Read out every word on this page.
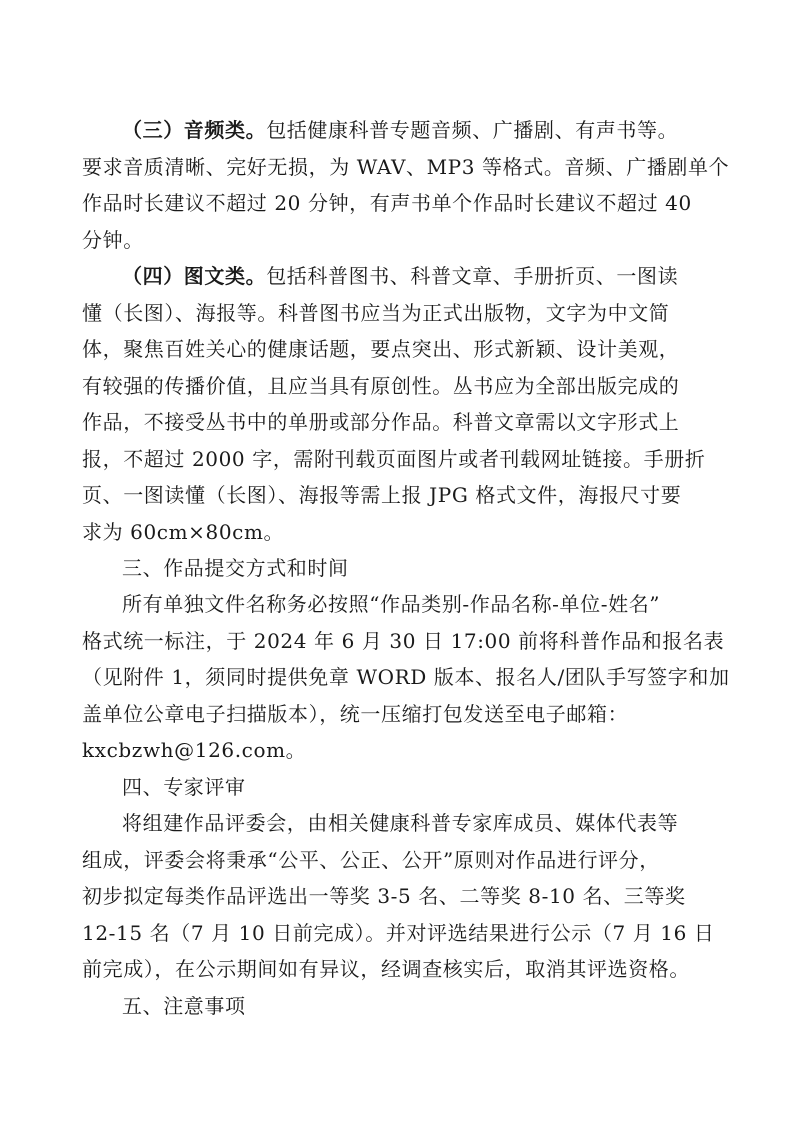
（三）音频类。包括健康科普专题音频、广播剧、有声书等。
要求音质清晰、完好无损，为 WAV、MP3 等格式。音频、广播剧单个
作品时长建议不超过 20 分钟，有声书单个作品时长建议不超过 40
分钟。

（四）图文类。包括科普图书、科普文章、手册折页、一图读
懂（长图）、海报等。科普图书应当为正式出版物，文字为中文简
体，聚焦百姓关心的健康话题，要点突出、形式新颖、设计美观，
有较强的传播价值，且应当具有原创性。丛书应为全部出版完成的
作品，不接受丛书中的单册或部分作品。科普文章需以文字形式上
报，不超过 2000 字，需附刊载页面图片或者刊载网址链接。手册折
页、一图读懂（长图）、海报等需上报 JPG 格式文件，海报尺寸要
求为 60cm×80cm。

三、作品提交方式和时间

所有单独文件名称务必按照“作品类别-作品名称-单位-姓名”
格式统一标注，于 2024 年 6 月 30 日 17:00 前将科普作品和报名表
（见附件 1，须同时提供免章 WORD 版本、报名人/团队手写签字和加
盖单位公章电子扫描版本），统一压缩打包发送至电子邮箱：
kxcbzwh@126.com。

四、专家评审

将组建作品评委会，由相关健康科普专家库成员、媒体代表等
组成，评委会将秉承“公平、公正、公开”原则对作品进行评分，
初步拟定每类作品评选出一等奖 3-5 名、二等奖 8-10 名、三等奖
12-15 名（7 月 10 日前完成）。并对评选结果进行公示（7 月 16 日
前完成），在公示期间如有异议，经调查核实后，取消其评选资格。

五、注意事项
